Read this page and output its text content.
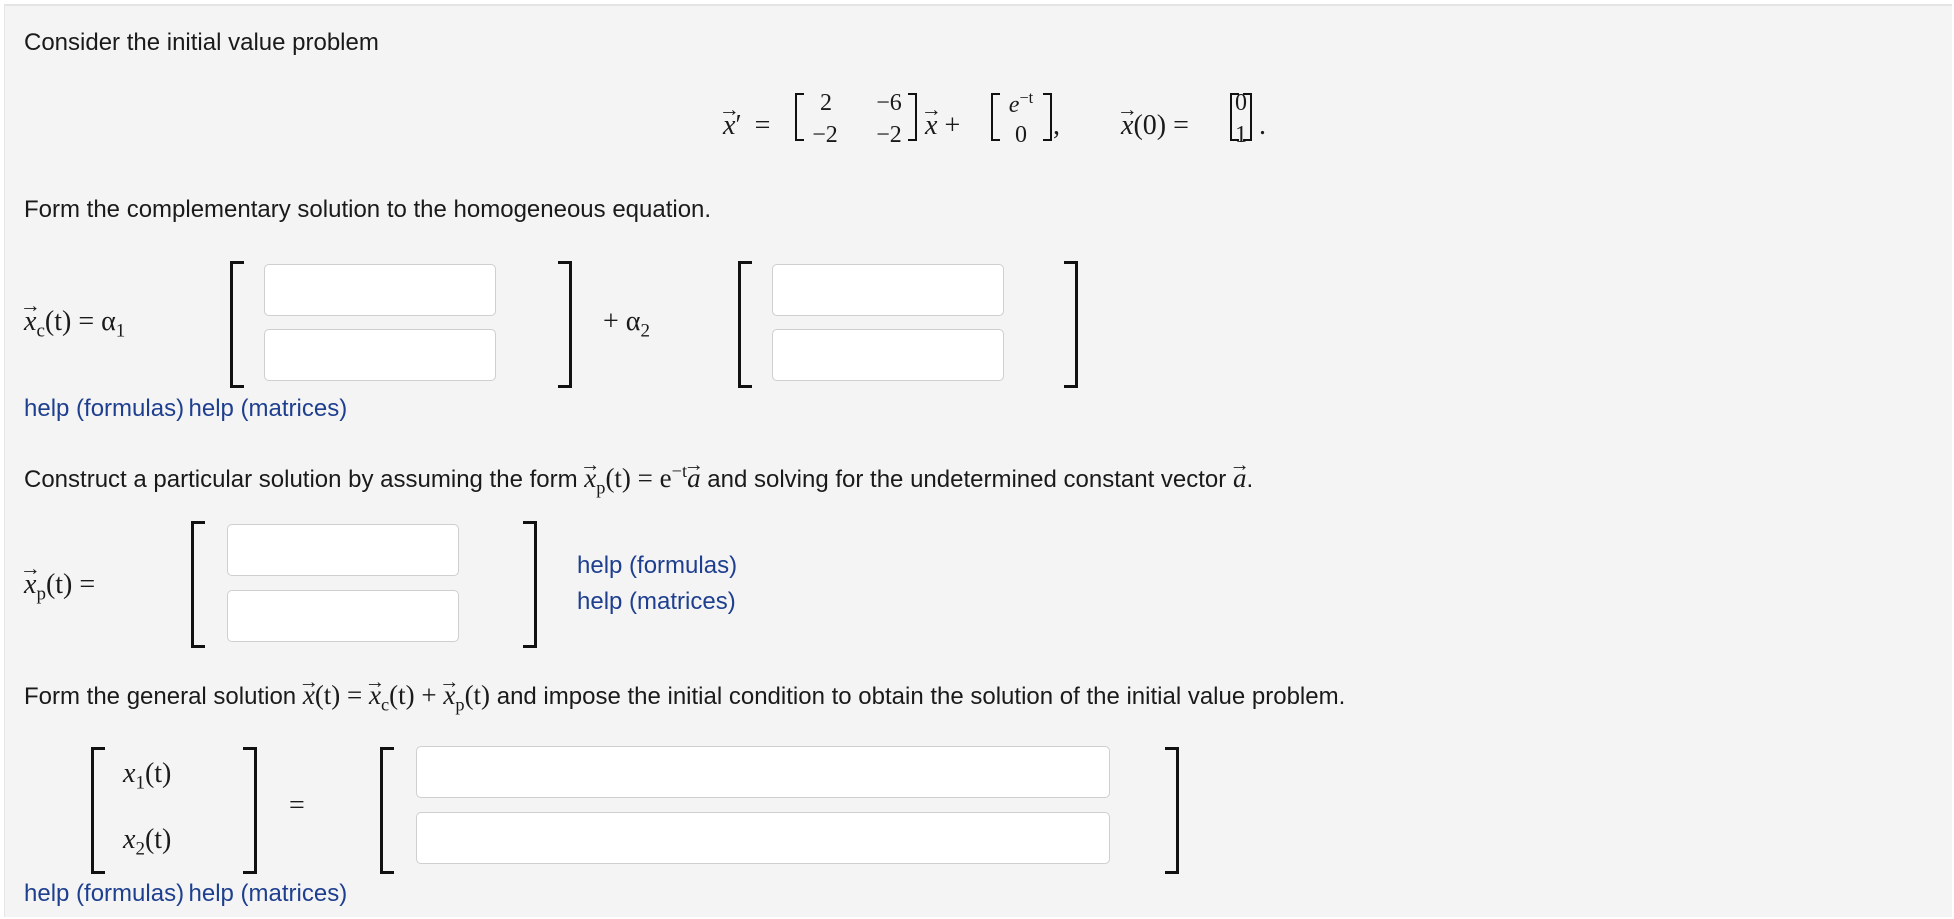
Consider the initial value problem
→ x′ =
2	−6
−2	−2 → x +
$e^{-t}$
0 , → x(0) =
0
1 .
Form the complementary solution to the homogeneous equation.
→ $x_c(t) = \alpha_1$	+ $\alpha_2$
help (formulas) help (matrices)
Construct a particular solution by assuming the form → $x_p(t) = e^{-t}\to a$ and solving for the undetermined constant vector → a.
→ $x_p(t)$ =
help (formulas)
help (matrices)
Form the general solution → x(t) = → $x_c(t)$ + → $x_p(t)$ and impose the initial condition to obtain the solution of the initial value problem.
$x_1(t)$
$x_2(t)$
=
help (formulas) help (matrices)
